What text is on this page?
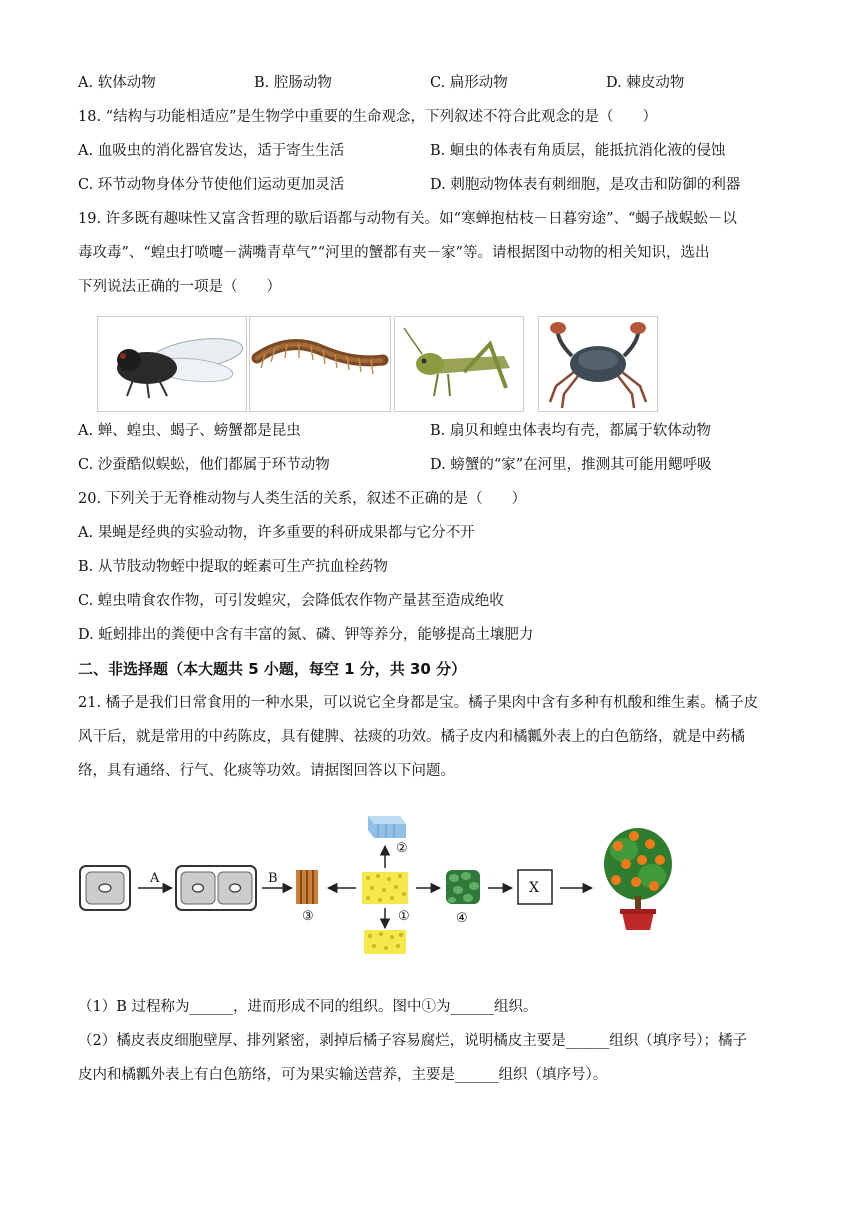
A. 软体动物	B. 腔肠动物	C. 扁形动物	D. 棘皮动物
18. “结构与功能相适应”是生物学中重要的生命观念，下列叙述不符合此观念的是（　　）
A. 血吸虫的消化器官发达，适于寄生生活	B. 蛔虫的体表有角质层，能抵抗消化液的侵蚀
C. 环节动物身体分节使他们运动更加灵活	D. 刺胞动物体表有刺细胞，是攻击和防御的利器
19. 许多既有趣味性又富含哲理的歇后语都与动物有关。如“寒蝉抱枯枝－日暮穷途”、“蝎子战蜈蚣－以
毒攻毒”、“蝗虫打喷嚏－满嘴青草气”“河里的蟹都有夹－家”等。请根据图中动物的相关知识，选出
下列说法正确的一项是（　　）
A. 蝉、蝗虫、蝎子、螃蟹都是昆虫	B. 扇贝和蝗虫体表均有壳，都属于软体动物
C. 沙蚕酷似蜈蚣，他们都属于环节动物	D. 螃蟹的“家”在河里，推测其可能用鳃呼吸
20. 下列关于无脊椎动物与人类生活的关系，叙述不正确的是（　　）
A. 果蝇是经典的实验动物，许多重要的科研成果都与它分不开
B. 从节肢动物蛭中提取的蛭素可生产抗血栓药物
C. 蝗虫啃食农作物，可引发蝗灾，会降低农作物产量甚至造成绝收
D. 蚯蚓排出的粪便中含有丰富的氮、磷、钾等养分，能够提高土壤肥力
二、非选择题（本大题共 5 小题，每空 1 分，共 30 分）
21. 橘子是我们日常食用的一种水果，可以说它全身都是宝。橘子果肉中含有多种有机酸和维生素。橘子皮
风干后，就是常用的中药陈皮，具有健脾、祛痰的功效。橘子皮内和橘瓤外表上的白色筋络，就是中药橘
络，具有通络、行气、化痰等功效。请据图回答以下问题。
A	B
③
②
①	④
X
（1）B 过程称为______，进而形成不同的组织。图中①为______组织。
（2）橘皮表皮细胞壁厚、排列紧密，剥掉后橘子容易腐烂，说明橘皮主要是______组织（填序号）；橘子
皮内和橘瓤外表上有白色筋络，可为果实输送营养，主要是______组织（填序号）。
